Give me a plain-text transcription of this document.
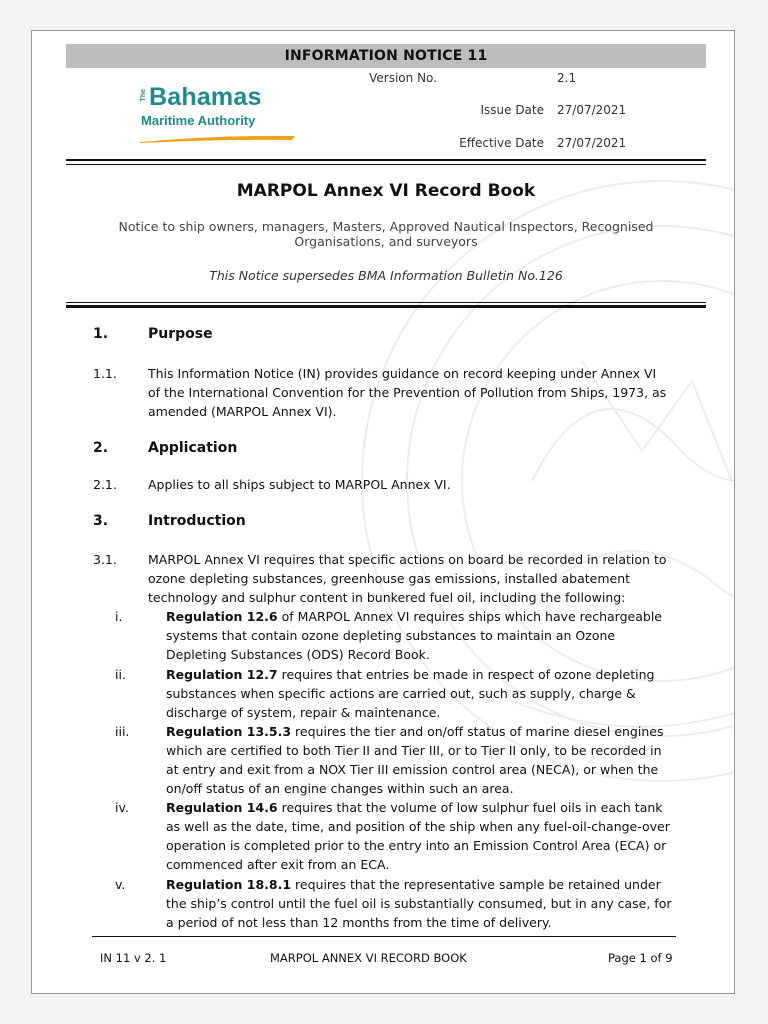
INFORMATION NOTICE 11
The Bahamas
Maritime Authority
Version No.	2.1
Issue Date 27/07/2021
Effective Date 27/07/2021
MARPOL Annex VI Record Book
Notice to ship owners, managers, Masters, Approved Nautical Inspectors, Recognised Organisations, and surveyors
This Notice supersedes BMA Information Bulletin No.126
1.	Purpose
1.1. This Information Notice (IN) provides guidance on record keeping under Annex VI of the International Convention for the Prevention of Pollution from Ships, 1973, as amended (MARPOL Annex VI).
2.	Application
2.1. Applies to all ships subject to MARPOL Annex VI.
3.	Introduction
3.1. MARPOL Annex VI requires that specific actions on board be recorded in relation to ozone depleting substances, greenhouse gas emissions, installed abatement technology and sulphur content in bunkered fuel oil, including the following:
i.	Regulation 12.6 of MARPOL Annex VI requires ships which have rechargeable systems that contain ozone depleting substances to maintain an Ozone Depleting Substances (ODS) Record Book.
ii.	Regulation 12.7 requires that entries be made in respect of ozone depleting substances when specific actions are carried out, such as supply, charge & discharge of system, repair & maintenance.
iii.	Regulation 13.5.3 requires the tier and on/off status of marine diesel engines which are certified to both Tier II and Tier III, or to Tier II only, to be recorded in at entry and exit from a NOX Tier III emission control area (NECA), or when the on/off status of an engine changes within such an area.
iv.	Regulation 14.6 requires that the volume of low sulphur fuel oils in each tank as well as the date, time, and position of the ship when any fuel-oil-change-over operation is completed prior to the entry into an Emission Control Area (ECA) or commenced after exit from an ECA.
v.	Regulation 18.8.1 requires that the representative sample be retained under the ship’s control until the fuel oil is substantially consumed, but in any case, for a period of not less than 12 months from the time of delivery.
IN 11 v 2. 1	MARPOL ANNEX VI RECORD BOOK	Page 1 of 9
